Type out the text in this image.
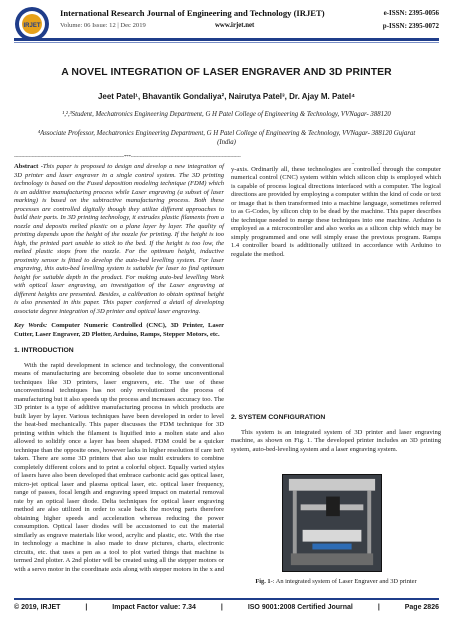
IRJET
International Research Journal of Engineering and Technology (IRJET)
Volume: 06 Issue: 12 | Dec 2019	www.irjet.net
e-ISSN: 2395-0056
p-ISSN: 2395-0072
A NOVEL INTEGRATION OF LASER ENGRAVER AND 3D PRINTER
Jeet Patel¹, Bhavantik Gondaliya², Nairutya Patel³, Dr. Ajay M. Patel⁴
¹,²,³Student, Mechatronics Engineering Department, G H Patel College of Engineering & Technology, VVNagar- 388120
⁴Associate Professor, Mechatronics Engineering Department, G H Patel College of Engineering & Technology, VVNagar- 388120 Gujarat (India)
---------------------------------------------------------------------------***---------------------------------------------------------------------------

Abstract -This paper is proposed to design and develop a new integration of 3D printer and laser engraver in a single control system. The 3D printing technology is based on the Fused deposition modeling technique (FDM) which is an additive manufacturing process while Laser engraving (a subset of laser marking) is based on the subtractive manufacturing process. Both these processes are controlled digitally though they utilize different approaches to build their parts. In 3D printing technology, it extrudes plastic filaments from a nozzle and deposits melted plastic on a plane layer by layer. The quality of printing depends upon the height of the nozzle for printing. If the height is too high, the printed part unable to stick to the bed. If the height is too low, the melted plastic stops from the nozzle. For the optimum height, inductive proximity sensor is fitted to develop the auto-bed levelling system. For laser engraving, this auto-bed levelling system is suitable for laser to find optimum height for suitable depth in the product. For making auto-bed levelling Work with optical laser engraving, an investigation of the Laser engraving at different heights are presented. Besides, a calibration to obtain optimal height is also presented in this paper. This paper conferred a detail of developing associate degree integration of 3D printer and optical laser engraving.

Key Words: Computer Numeric Controlled (CNC), 3D Printer, Laser Cutter, Laser Engraver, 2D Plotter, Arduino, Ramps, Stepper Motors, etc.

1. INTRODUCTION

With the rapid development in science and technology, the conventional means of manufacturing are becoming obsolete due to some unconventional techniques like 3D printers, laser engravers, etc. The use of these unconventional techniques has not only revolutionized the process of manufacturing but it also speeds up the process and increases accuracy too. The 3D printer is a type of additive manufacturing process in which products are built layer by layer. Various techniques have been developed in order to level the heat-bed mechanically. This paper discusses the FDM technique for 3D printing within which the filament is liquified into a molten state and also allowed to solidify once a layer has been shaped. FDM could be a quicker technique than the opposite ones, however lacks in higher resolution if care isn't taken. There are some 3D printers that also use multi extruders to combine completely different colors and to print a colorful object. Equally varied styles of lasers have also been developed that embrace carbonic acid gas optical laser, micro-jet optical laser and plasma optical laser, etc. optical laser frequency, range of passes, focal length and engraving speed impact on material removal rate by an optical laser diode. Delta techniques for optical laser engraving method are also utilized in order to scale back the moving parts therefore obtaining higher speeds and acceleration whereas reducing the power consumption. Optical laser diodes will be accustomed to cut the material similarly as engrave materials like wood, acrylic and plastic, etc. With the rise in technology a machine is also made to draw pictures, charts, electronic circuits, etc. that uses a pen as a tool to plot varied things that machine is termed 2nd plotter. A 2nd plotter will be created using all the stepper motors or with a servo motor in the coordinate axis along with stepper motors in the x and

y-axis. Ordinarily all, these technologies are controlled through the computer numerical control (CNC) system within which silicon chip is employed which is capable of process logical directions interfaced with a computer. The logical directions are provided by employing a computer within the kind of code or text or image that is then transformed into a machine language, sometimes referred to as G-Codes, by silicon chip to be dead by the machine. This paper describes the technique needed to merge these techniques into one machine. Arduino is employed as a microcontroller and also works as a silicon chip which may be simply programmed and one will simply erase the previous program. Ramps 1.4 controller board is additionally utilized in accordance with Arduino to regulate the method.

2. SYSTEM CONFIGURATION

This system is an integrated system of 3D printer and laser engraving machine, as shown on Fig. 1. The developed printer includes an 3D printing system, auto-bed-leveling system and a laser engraving system.

Fig. 1-: An integrated system of Laser Engraver and 3D printer
© 2019, IRJET	|	Impact Factor value: 7.34	|	ISO 9001:2008 Certified Journal	|	Page 2826
